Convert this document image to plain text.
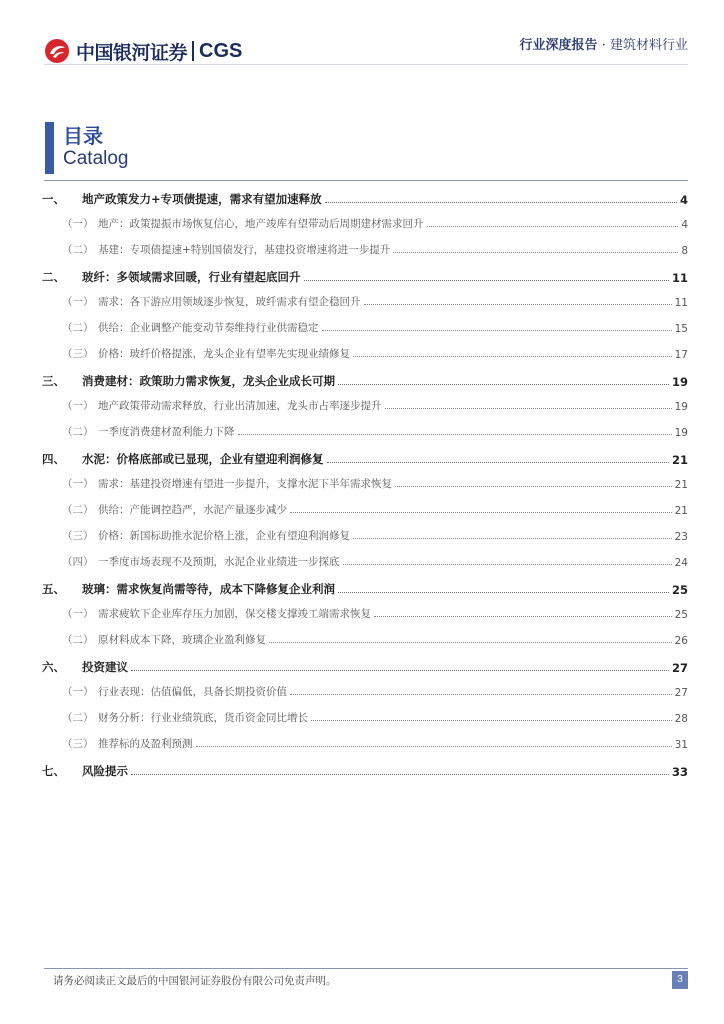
中国银河证券 CGS	行业深度报告 · 建筑材料行业
目录
Catalog
一、	地产政策发力+专项债提速，需求有望加速释放	4
（一） 地产：政策提振市场恢复信心，地产竣库有望带动后周期建材需求回升	4
（二） 基建：专项债提速+特别国债发行，基建投资增速将进一步提升	8
二、	玻纤：多领域需求回暖，行业有望起底回升	11
（一） 需求：各下游应用领域逐步恢复，玻纤需求有望企稳回升	11
（二） 供给：企业调整产能变动节奏维持行业供需稳定	15
（三） 价格：玻纤价格提涨，龙头企业有望率先实现业绩修复	17
三、	消费建材：政策助力需求恢复，龙头企业成长可期	19
（一） 地产政策带动需求释放，行业出清加速，龙头市占率逐步提升	19
（二） 一季度消费建材盈利能力下降	19
四、	水泥：价格底部或已显现，企业有望迎利润修复	21
（一） 需求：基建投资增速有望进一步提升，支撑水泥下半年需求恢复	21
（二） 供给：产能调控趋严，水泥产量逐步减少	21
（三） 价格：新国标助推水泥价格上涨，企业有望迎利润修复	23
（四） 一季度市场表现不及预期，水泥企业业绩进一步探底	24
五、	玻璃：需求恢复尚需等待，成本下降修复企业利润	25
（一） 需求疲软下企业库存压力加剧，保交楼支撑竣工端需求恢复	25
（二） 原材料成本下降，玻璃企业盈利修复	26
六、	投资建议	27
（一） 行业表现：估值偏低，具备长期投资价值	27
（二） 财务分析：行业业绩筑底，货币资金同比增长	28
（三） 推荐标的及盈利预测	31
七、	风险提示	33
请务必阅读正文最后的中国银河证券股份有限公司免责声明。	3
